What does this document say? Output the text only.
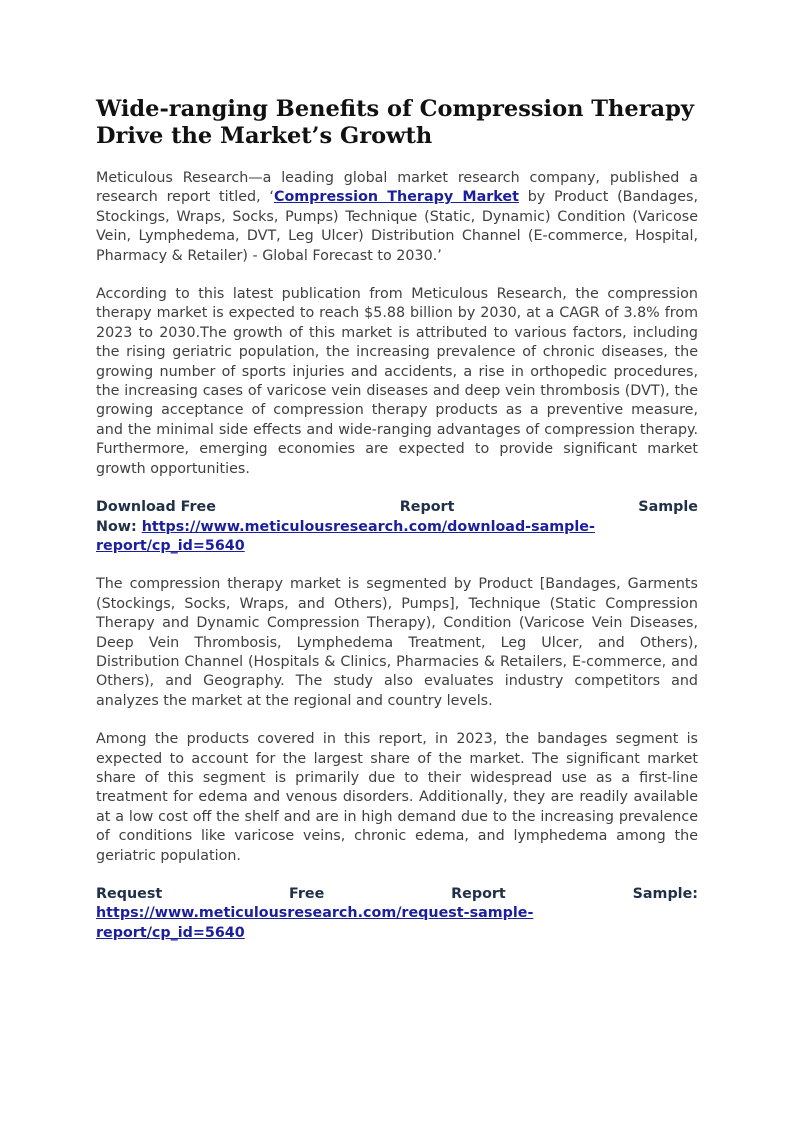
Wide-ranging Benefits of Compression Therapy
Drive the Market’s Growth

Meticulous Research—a leading global market research company, published a research report titled, ‘Compression Therapy Market by Product (Bandages, Stockings, Wraps, Socks, Pumps) Technique (Static, Dynamic) Condition (Varicose Vein, Lymphedema, DVT, Leg Ulcer) Distribution Channel (E-commerce, Hospital, Pharmacy & Retailer) - Global Forecast to 2030.’

According to this latest publication from Meticulous Research, the compression therapy market is expected to reach $5.88 billion by 2030, at a CAGR of 3.8% from 2023 to 2030.The growth of this market is attributed to various factors, including the rising geriatric population, the increasing prevalence of chronic diseases, the growing number of sports injuries and accidents, a rise in orthopedic procedures, the increasing cases of varicose vein diseases and deep vein thrombosis (DVT), the growing acceptance of compression therapy products as a preventive measure, and the minimal side effects and wide-ranging advantages of compression therapy. Furthermore, emerging economies are expected to provide significant market growth opportunities.

Download Free	Report	Sample
Now: https://www.meticulousresearch.com/download-sample-
report/cp_id=5640

The compression therapy market is segmented by Product [Bandages, Garments (Stockings, Socks, Wraps, and Others), Pumps], Technique (Static Compression Therapy and Dynamic Compression Therapy), Condition (Varicose Vein Diseases, Deep Vein Thrombosis, Lymphedema Treatment, Leg Ulcer, and Others), Distribution Channel (Hospitals & Clinics, Pharmacies & Retailers, E-commerce, and Others), and Geography. The study also evaluates industry competitors and analyzes the market at the regional and country levels.

Among the products covered in this report, in 2023, the bandages segment is expected to account for the largest share of the market. The significant market share of this segment is primarily due to their widespread use as a first-line treatment for edema and venous disorders. Additionally, they are readily available at a low cost off the shelf and are in high demand due to the increasing prevalence of conditions like varicose veins, chronic edema, and lymphedema among the geriatric population.

Request	Free	Report	Sample:
https://www.meticulousresearch.com/request-sample-
report/cp_id=5640
